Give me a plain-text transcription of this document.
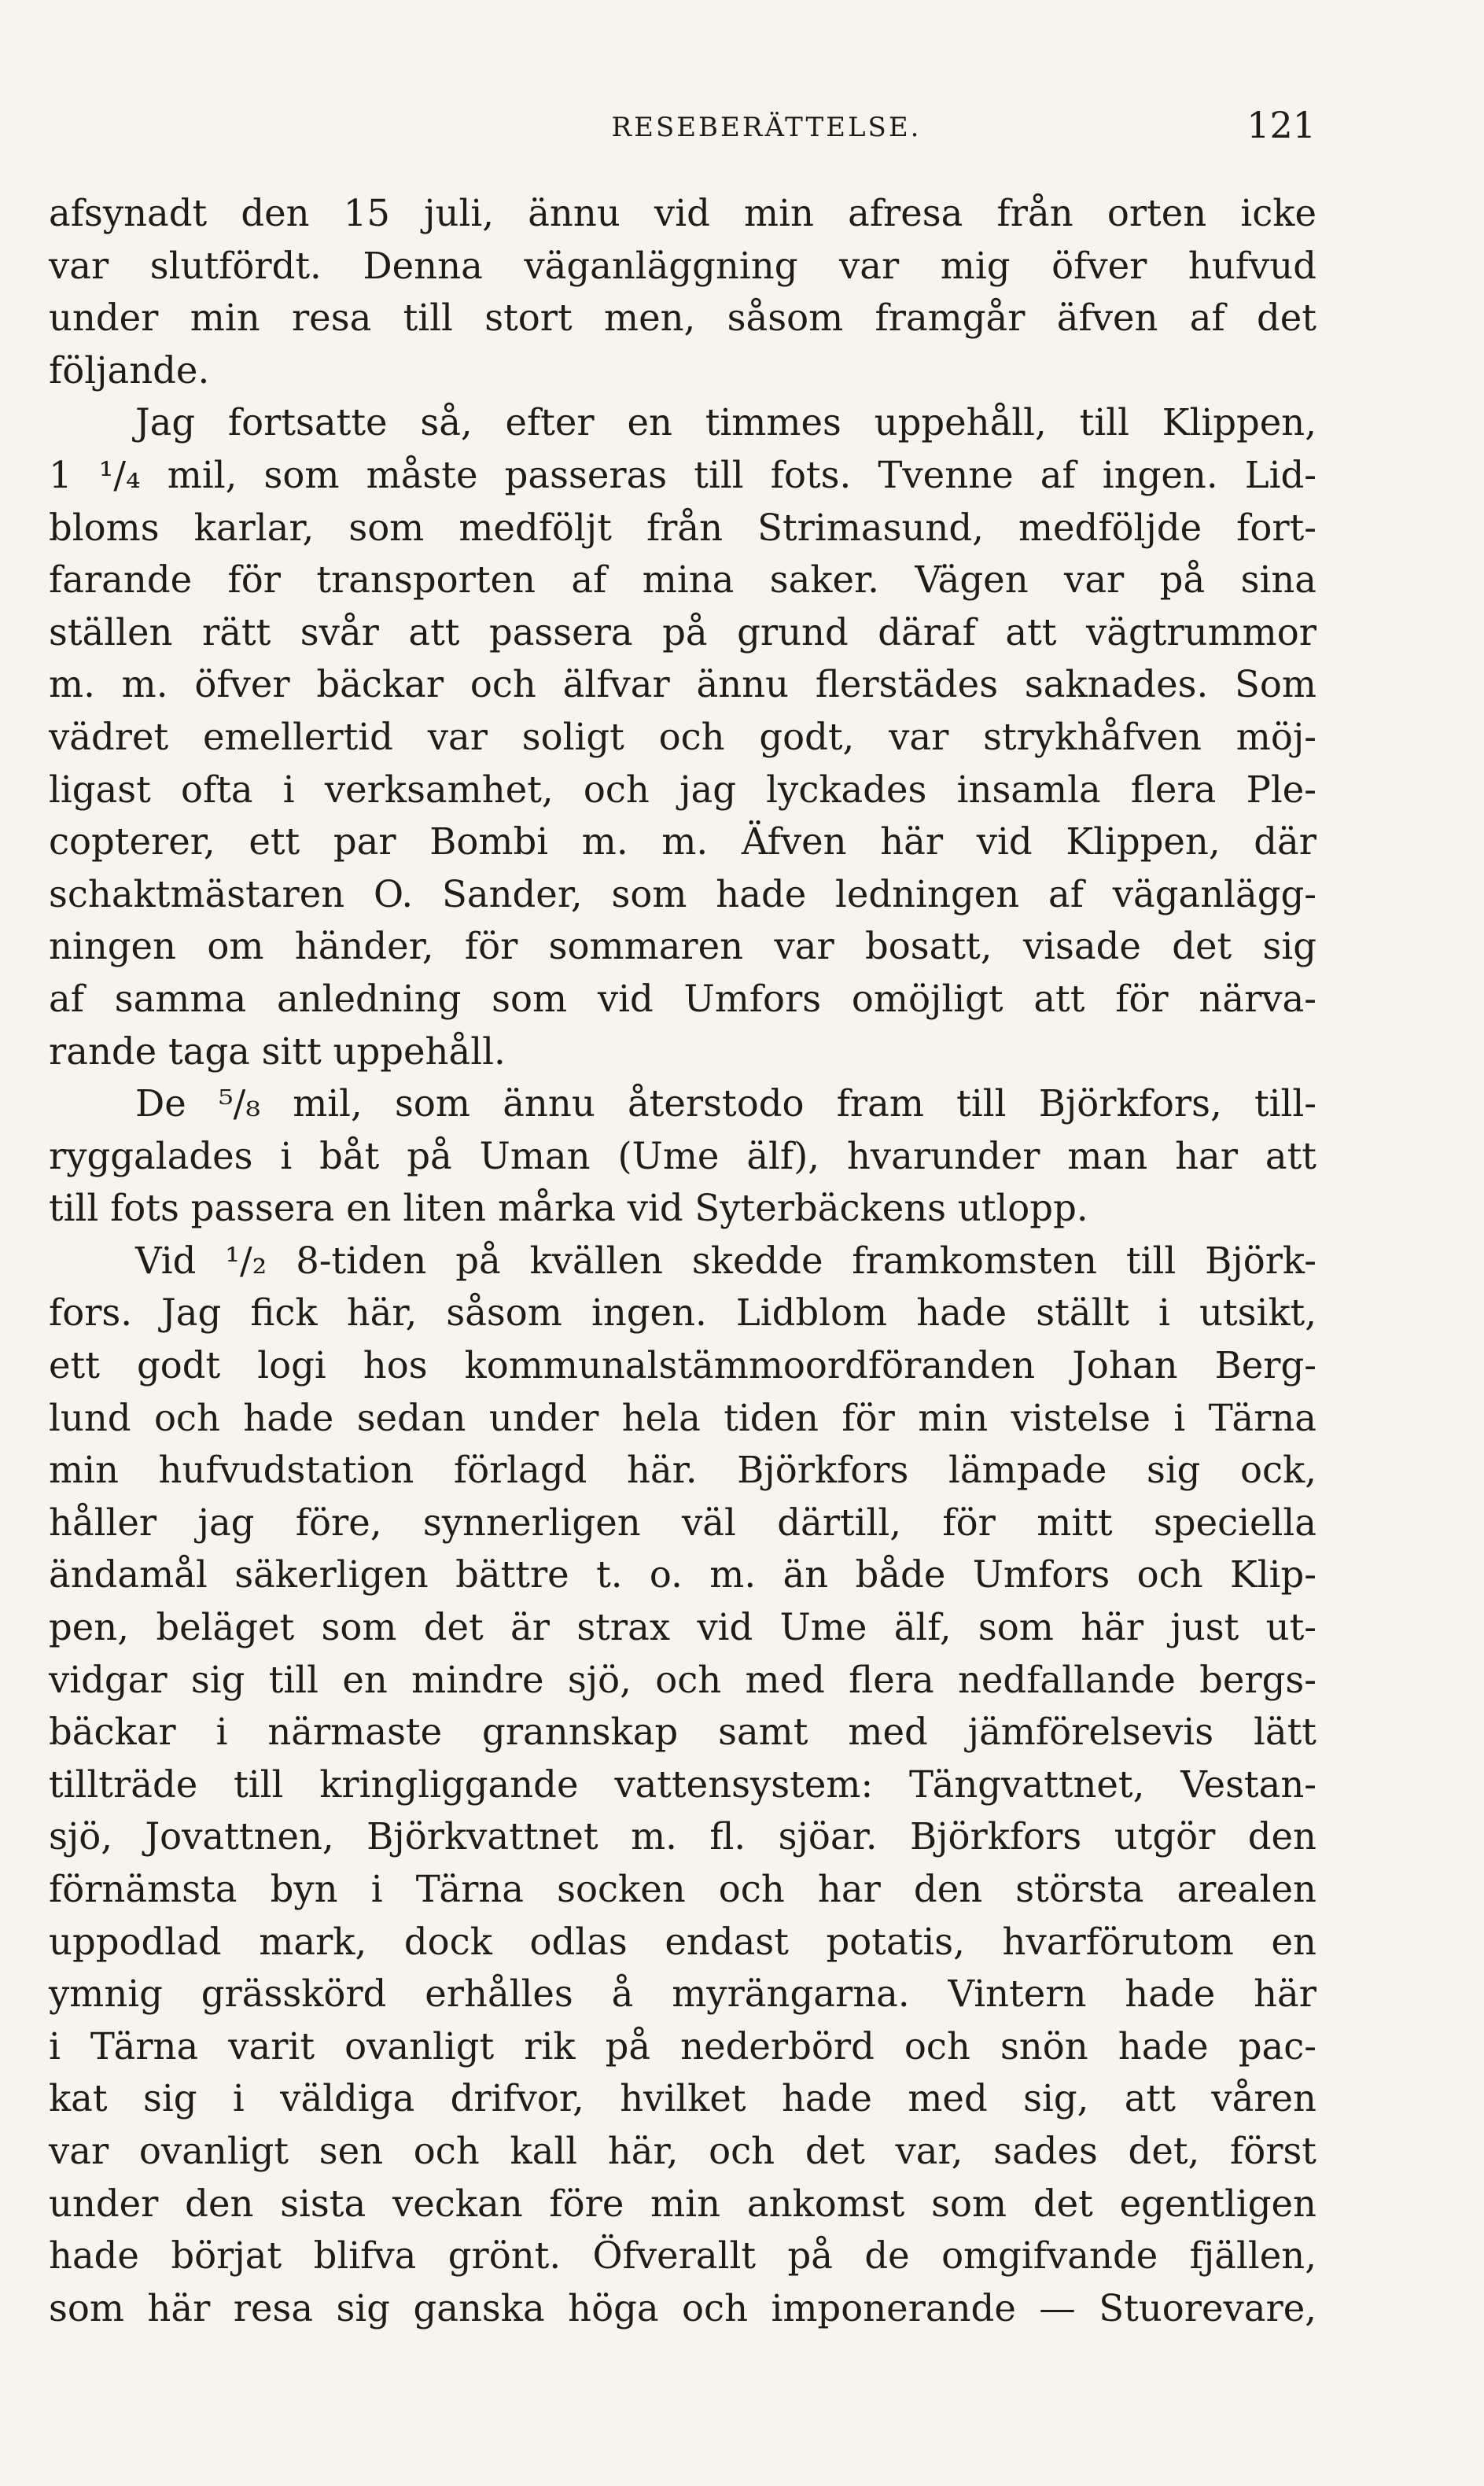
RESEBERÄTTELSE.	121
afsynadt den 15 juli, ännu vid min afresa från orten icke
var slutfördt. Denna väganläggning var mig öfver hufvud
under min resa till stort men, såsom framgår äfven af det
följande.
Jag fortsatte så, efter en timmes uppehåll, till Klippen,
1 ¹/₄ mil, som måste passeras till fots. Tvenne af ingen. Lid-
bloms karlar, som medföljt från Strimasund, medföljde fort-
farande för transporten af mina saker. Vägen var på sina
ställen rätt svår att passera på grund däraf att vägtrummor
m. m. öfver bäckar och älfvar ännu flerstädes saknades. Som
vädret emellertid var soligt och godt, var strykhåfven möj-
ligast ofta i verksamhet, och jag lyckades insamla flera Ple-
copterer, ett par Bombi m. m. Äfven här vid Klippen, där
schaktmästaren O. Sander, som hade ledningen af väganlägg-
ningen om händer, för sommaren var bosatt, visade det sig
af samma anledning som vid Umfors omöjligt att för närva-
rande taga sitt uppehåll.
De ⁵/₈ mil, som ännu återstodo fram till Björkfors, till-
ryggalades i båt på Uman (Ume älf), hvarunder man har att
till fots passera en liten mårka vid Syterbäckens utlopp.
Vid ¹/₂ 8-tiden på kvällen skedde framkomsten till Björk-
fors. Jag fick här, såsom ingen. Lidblom hade ställt i utsikt,
ett godt logi hos kommunalstämmoordföranden Johan Berg-
lund och hade sedan under hela tiden för min vistelse i Tärna
min hufvudstation förlagd här. Björkfors lämpade sig ock,
håller jag före, synnerligen väl därtill, för mitt speciella
ändamål säkerligen bättre t. o. m. än både Umfors och Klip-
pen, beläget som det är strax vid Ume älf, som här just ut-
vidgar sig till en mindre sjö, och med flera nedfallande bergs-
bäckar i närmaste grannskap samt med jämförelsevis lätt
tillträde till kringliggande vattensystem: Tängvattnet, Vestan-
sjö, Jovattnen, Björkvattnet m. fl. sjöar. Björkfors utgör den
förnämsta byn i Tärna socken och har den största arealen
uppodlad mark, dock odlas endast potatis, hvarförutom en
ymnig grässkörd erhålles å myrängarna. Vintern hade här
i Tärna varit ovanligt rik på nederbörd och snön hade pac-
kat sig i väldiga drifvor, hvilket hade med sig, att våren
var ovanligt sen och kall här, och det var, sades det, först
under den sista veckan före min ankomst som det egentligen
hade börjat blifva grönt. Öfverallt på de omgifvande fjällen,
som här resa sig ganska höga och imponerande — Stuorevare,
